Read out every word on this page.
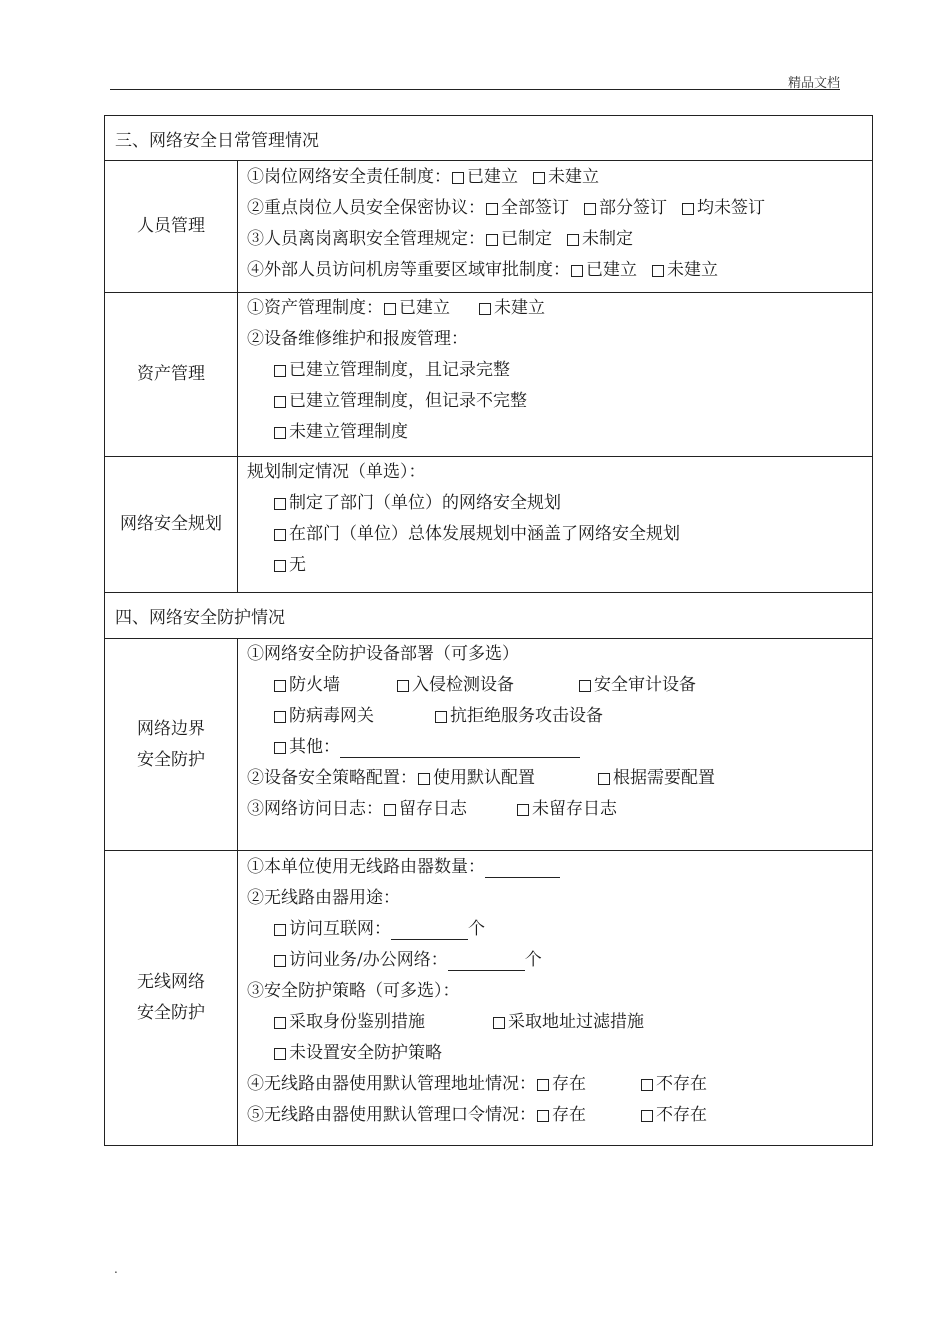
精品文档
三、网络安全日常管理情况
人员管理
①岗位网络安全责任制度： 已建立 未建立
②重点岗位人员安全保密协议： 全部签订 部分签订 均未签订
③人员离岗离职安全管理规定： 已制定 未制定
④外部人员访问机房等重要区域审批制度： 已建立 未建立
资产管理
①资产管理制度： 已建立	未建立
②设备维修维护和报废管理：
已建立管理制度，且记录完整
已建立管理制度，但记录不完整
未建立管理制度
网络安全规划
规划制定情况（单选）：
制定了部门（单位）的网络安全规划
在部门（单位）总体发展规划中涵盖了网络安全规划
无
四、网络安全防护情况
网络边界
安全防护
①网络安全防护设备部署（可多选）
防火墙	入侵检测设备	安全审计设备
防病毒网关	抗拒绝服务攻击设备
其他：
②设备安全策略配置： 使用默认配置	根据需要配置
③网络访问日志： 留存日志	未留存日志
无线网络
安全防护
①本单位使用无线路由器数量：
②无线路由器用途：
访问互联网：	个
访问业务/办公网络：	个
③安全防护策略（可多选）：
采取身份鉴别措施	采取地址过滤措施
未设置安全防护策略
④无线路由器使用默认管理地址情况： 存在	不存在
⑤无线路由器使用默认管理口令情况： 存在	不存在
.
